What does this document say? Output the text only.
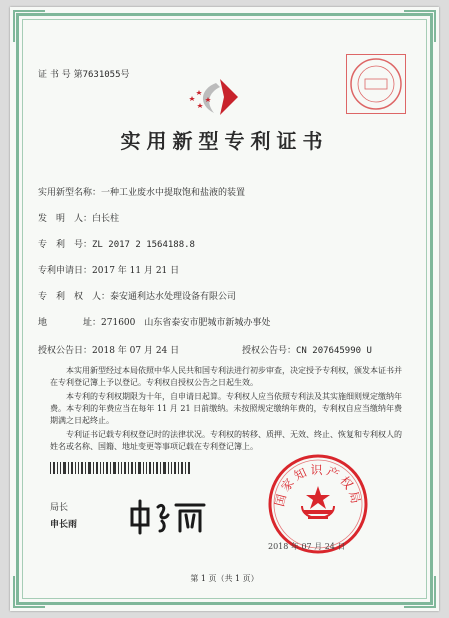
证 书 号 第7631055号
实用新型专利证书
实用新型名称：一种工业废水中提取饱和盐液的装置
发　明　人：白长柱
专　利　号：ZL 2017 2 1564188.8
专利申请日：2017 年 11 月 21 日
专　利　权　人：泰安通利达水处理设备有限公司
地　　　　址：271600　山东省泰安市肥城市新城办事处
授权公告日：2018 年 07 月 24 日	授权公告号：CN 207645990 U
本实用新型经过本局依照中华人民共和国专利法进行初步审查，决定授予专利权，颁发本证书并在专利登记簿上予以登记。专利权自授权公告之日起生效。
本专利的专利权期限为十年，自申请日起算。专利权人应当依照专利法及其实施细则规定缴纳年费。本专利的年费应当在每年 11 月 21 日前缴纳。未按照规定缴纳年费的，专利权自应当缴纳年费期满之日起终止。
专利证书记载专利权登记时的法律状况。专利权的转移、质押、无效、终止、恢复和专利权人的姓名或名称、国籍、地址变更等事项记载在专利登记簿上。
局长
申长雨
国家知识产权局
2018 年 07 月 24 日
第 1 页（共 1 页）
